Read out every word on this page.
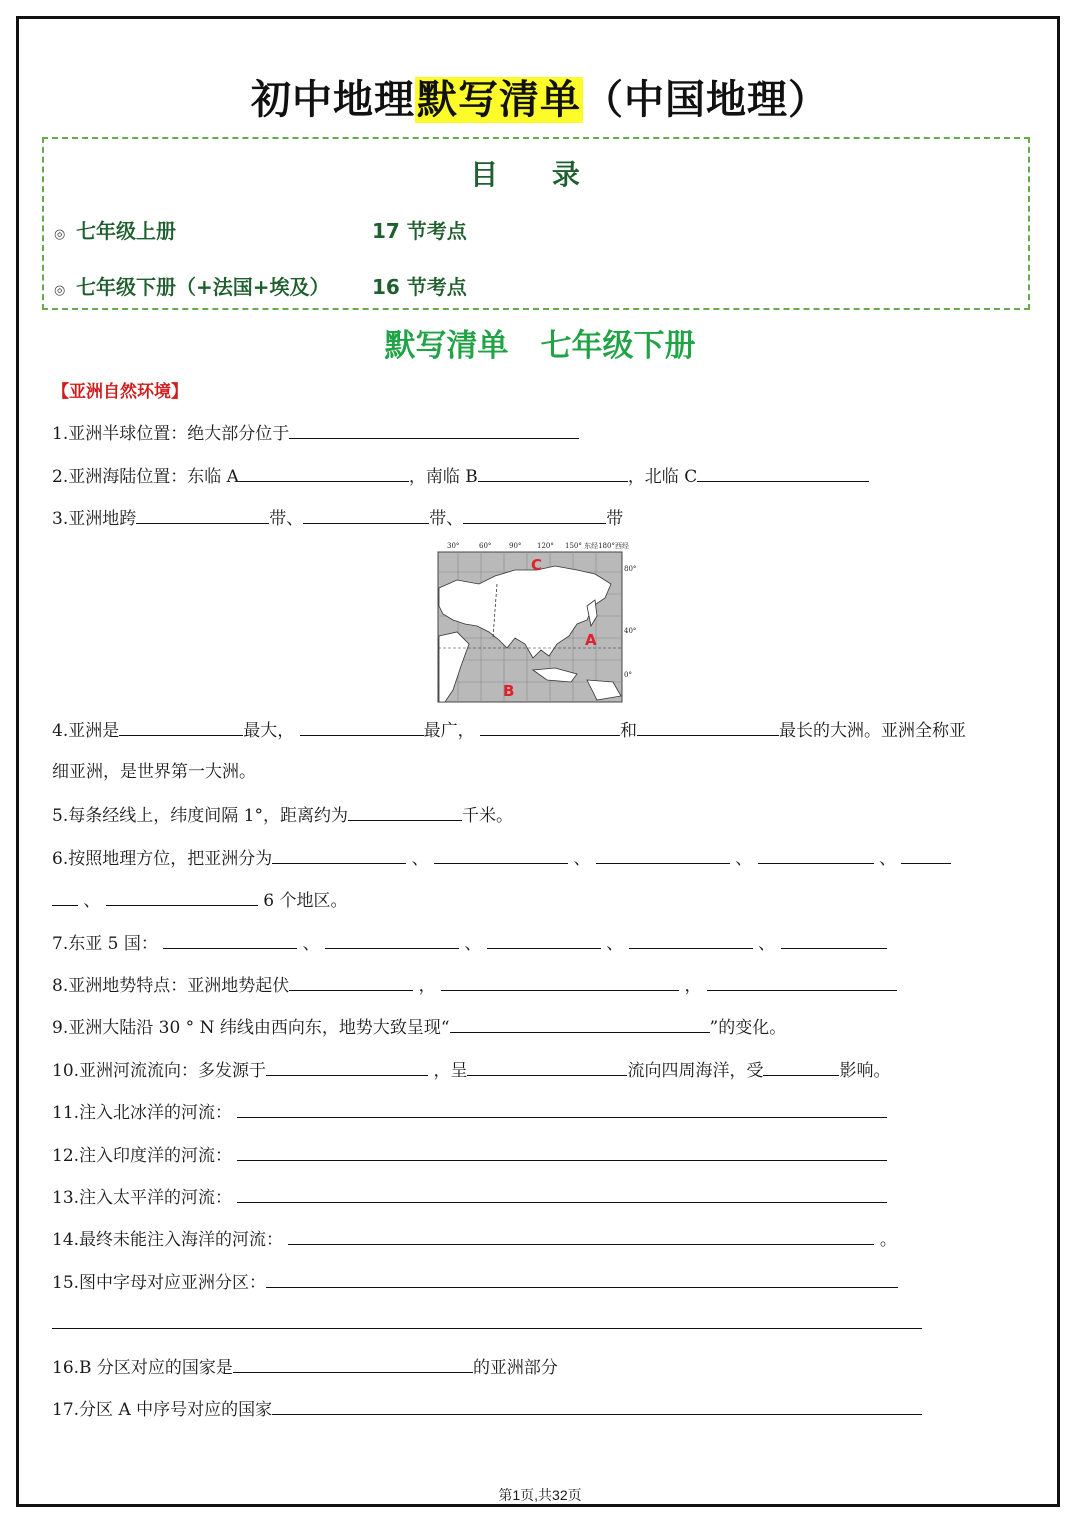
初中地理默写清单（中国地理）
目 录
◎ 七年级上册	17 节考点
◎ 七年级下册（+法国+埃及） 16 节考点
默写清单 七年级下册
【亚洲自然环境】
1.亚洲半球位置：绝大部分位于
2.亚洲海陆位置：东临 A	，南临 B	，北临 C
3.亚洲地跨	带、	带、	带
30°	60°	90° 120° 150° 东经180°西经
80°
40°
0°
C
A
B
4.亚洲是	最大，	最广，	和	最长的大洲。亚洲全称亚
细亚洲，是世界第一大洲。
5.每条经线上，纬度间隔 1°，距离约为	千米。
6.按照地理方位，把亚洲分为	、	、	、	、
、	6 个地区。
7.东亚 5 国：	、	、	、	、
8.亚洲地势特点：亚洲地势起伏	，	，
9.亚洲大陆沿 30 ° N 纬线由西向东，地势大致呈现“	”的变化。
10.亚洲河流流向：多发源于	，呈	流向四周海洋，受	影响。
11.注入北冰洋的河流：
12.注入印度洋的河流：
13.注入太平洋的河流：
14.最终未能注入海洋的河流：	。
15.图中字母对应亚洲分区：
16.B 分区对应的国家是	的亚洲部分
17.分区 A 中序号对应的国家
第1页,共32页
